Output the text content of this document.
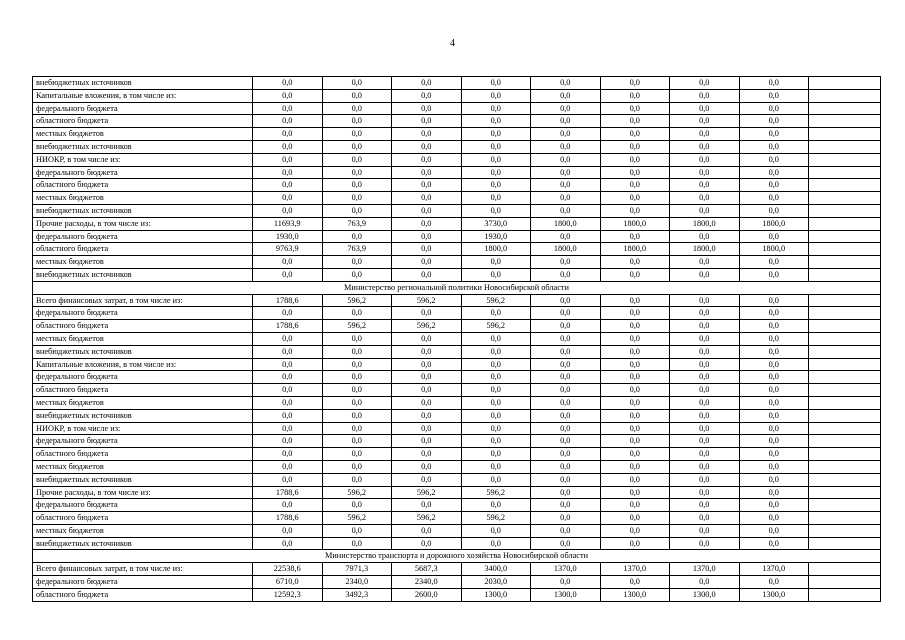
4
внебюджетных источников	0,0	0,0	0,0	0,0	0,0	0,0	0,0	0,0	
Капитальные вложения, в том числе из:	0,0	0,0	0,0	0,0	0,0	0,0	0,0	0,0	
федерального бюджета	0,0	0,0	0,0	0,0	0,0	0,0	0,0	0,0	
областного бюджета	0,0	0,0	0,0	0,0	0,0	0,0	0,0	0,0	
местных бюджетов	0,0	0,0	0,0	0,0	0,0	0,0	0,0	0,0	
внебюджетных источников	0,0	0,0	0,0	0,0	0,0	0,0	0,0	0,0	
НИОКР, в том числе из:	0,0	0,0	0,0	0,0	0,0	0,0	0,0	0,0	
федерального бюджета	0,0	0,0	0,0	0,0	0,0	0,0	0,0	0,0	
областного бюджета	0,0	0,0	0,0	0,0	0,0	0,0	0,0	0,0	
местных бюджетов	0,0	0,0	0,0	0,0	0,0	0,0	0,0	0,0	
внебюджетных источников	0,0	0,0	0,0	0,0	0,0	0,0	0,0	0,0	
Прочие расходы, в том числе из:	11693,9	763,9	0,0	3730,0	1800,0	1800,0	1800,0	1800,0	
федерального бюджета	1930,0	0,0	0,0	1930,0	0,0	0,0	0,0	0,0	
областного бюджета	9763,9	763,9	0,0	1800,0	1800,0	1800,0	1800,0	1800,0	
местных бюджетов	0,0	0,0	0,0	0,0	0,0	0,0	0,0	0,0	
внебюджетных источников	0,0	0,0	0,0	0,0	0,0	0,0	0,0	0,0	
Министерство региональной политики Новосибирской области									
Всего финансовых затрат, в том числе из:	1788,6	596,2	596,2	596,2	0,0	0,0	0,0	0,0	
федерального бюджета	0,0	0,0	0,0	0,0	0,0	0,0	0,0	0,0	
областного бюджета	1788,6	596,2	596,2	596,2	0,0	0,0	0,0	0,0	
местных бюджетов	0,0	0,0	0,0	0,0	0,0	0,0	0,0	0,0	
внебюджетных источников	0,0	0,0	0,0	0,0	0,0	0,0	0,0	0,0	
Капитальные вложения, в том числе из:	0,0	0,0	0,0	0,0	0,0	0,0	0,0	0,0	
федерального бюджета	0,0	0,0	0,0	0,0	0,0	0,0	0,0	0,0	
областного бюджета	0,0	0,0	0,0	0,0	0,0	0,0	0,0	0,0	
местных бюджетов	0,0	0,0	0,0	0,0	0,0	0,0	0,0	0,0	
внебюджетных источников	0,0	0,0	0,0	0,0	0,0	0,0	0,0	0,0	
НИОКР, в том числе из:	0,0	0,0	0,0	0,0	0,0	0,0	0,0	0,0	
федерального бюджета	0,0	0,0	0,0	0,0	0,0	0,0	0,0	0,0	
областного бюджета	0,0	0,0	0,0	0,0	0,0	0,0	0,0	0,0	
местных бюджетов	0,0	0,0	0,0	0,0	0,0	0,0	0,0	0,0	
внебюджетных источников	0,0	0,0	0,0	0,0	0,0	0,0	0,0	0,0	
Прочие расходы, в том числе из:	1788,6	596,2	596,2	596,2	0,0	0,0	0,0	0,0	
федерального бюджета	0,0	0,0	0,0	0,0	0,0	0,0	0,0	0,0	
областного бюджета	1788,6	596,2	596,2	596,2	0,0	0,0	0,0	0,0	
местных бюджетов	0,0	0,0	0,0	0,0	0,0	0,0	0,0	0,0	
внебюджетных источников	0,0	0,0	0,0	0,0	0,0	0,0	0,0	0,0	
Министерство транспорта и дорожного хозяйства Новосибирской области									
Всего финансовых затрат, в том числе из:	22538,6	7971,3	5687,3	3400,0	1370,0	1370,0	1370,0	1370,0	
федерального бюджета	6710,0	2340,0	2340,0	2030,0	0,0	0,0	0,0	0,0	
областного бюджета	12592,3	3492,3	2600,0	1300,0	1300,0	1300,0	1300,0	1300,0	
